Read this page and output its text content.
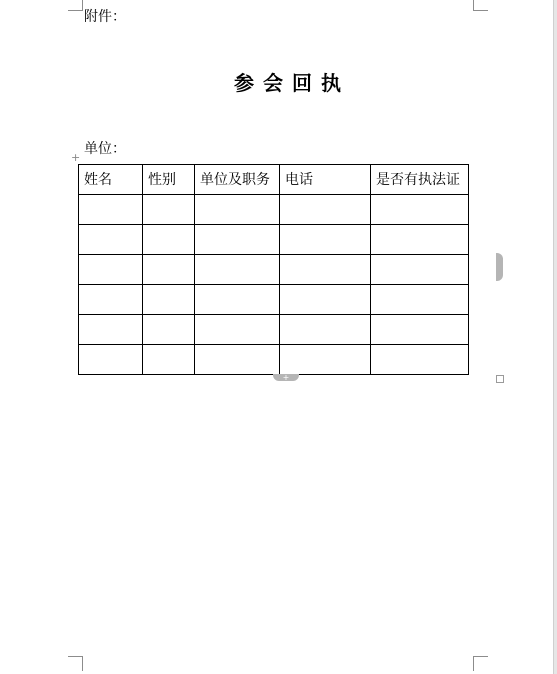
附件：
参会回执
单位：
+
姓名	性别	单位及职务	电话	是否有执法证

+
